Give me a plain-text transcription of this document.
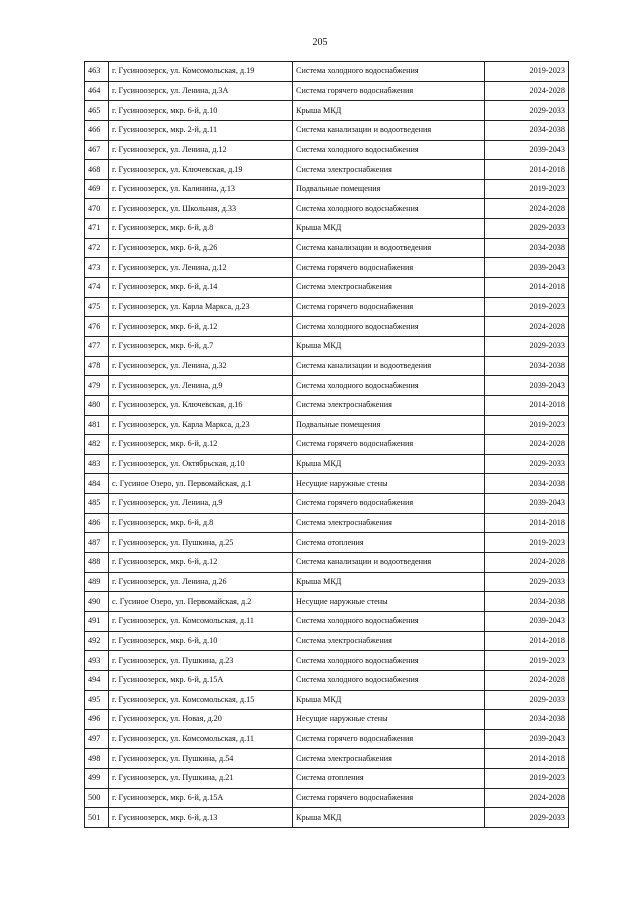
205
463	г. Гусиноозерск, ул. Комсомольская, д.19	Система холодного водоснабжения	2019-2023
464	г. Гусиноозерск, ул. Ленина, д.3А	Система горячего водоснабжения	2024-2028
465	г. Гусиноозерск, мкр. 6-й, д.10	Крыша МКД	2029-2033
466	г. Гусиноозерск, мкр. 2-й, д.11	Система канализации и водоотведения	2034-2038
467	г. Гусиноозерск, ул. Ленина, д.12	Система холодного водоснабжения	2039-2043
468	г. Гусиноозерск, ул. Ключевская, д.19	Система электроснабжения	2014-2018
469	г. Гусиноозерск, ул. Калинина, д.13	Подвальные помещения	2019-2023
470	г. Гусиноозерск, ул. Школьная, д.33	Система холодного водоснабжения	2024-2028
471	г. Гусиноозерск, мкр. 6-й, д.8	Крыша МКД	2029-2033
472	г. Гусиноозерск, мкр. 6-й, д.26	Система канализации и водоотведения	2034-2038
473	г. Гусиноозерск, ул. Ленина, д.12	Система горячего водоснабжения	2039-2043
474	г. Гусиноозерск, мкр. 6-й, д.14	Система электроснабжения	2014-2018
475	г. Гусиноозерск, ул. Карла Маркса, д.23	Система горячего водоснабжения	2019-2023
476	г. Гусиноозерск, мкр. 6-й, д.12	Система холодного водоснабжения	2024-2028
477	г. Гусиноозерск, мкр. 6-й, д.7	Крыша МКД	2029-2033
478	г. Гусиноозерск, ул. Ленина, д.32	Система канализации и водоотведения	2034-2038
479	г. Гусиноозерск, ул. Ленина, д.9	Система холодного водоснабжения	2039-2043
480	г. Гусиноозерск, ул. Ключевская, д.16	Система электроснабжения	2014-2018
481	г. Гусиноозерск, ул. Карла Маркса, д.23	Подвальные помещения	2019-2023
482	г. Гусиноозерск, мкр. 6-й, д.12	Система горячего водоснабжения	2024-2028
483	г. Гусиноозерск, ул. Октябрьская, д.10	Крыша МКД	2029-2033
484	с. Гусиное Озеро, ул. Первомайская, д.1	Несущие наружные стены	2034-2038
485	г. Гусиноозерск, ул. Ленина, д.9	Система горячего водоснабжения	2039-2043
486	г. Гусиноозерск, мкр. 6-й, д.8	Система электроснабжения	2014-2018
487	г. Гусиноозерск, ул. Пушкина, д.25	Система отопления	2019-2023
488	г. Гусиноозерск, мкр. 6-й, д.12	Система канализации и водоотведения	2024-2028
489	г. Гусиноозерск, ул. Ленина, д.26	Крыша МКД	2029-2033
490	с. Гусиное Озеро, ул. Первомайская, д.2	Несущие наружные стены	2034-2038
491	г. Гусиноозерск, ул. Комсомольская, д.11	Система холодного водоснабжения	2039-2043
492	г. Гусиноозерск, мкр. 6-й, д.10	Система электроснабжения	2014-2018
493	г. Гусиноозерск, ул. Пушкина, д.23	Система холодного водоснабжения	2019-2023
494	г. Гусиноозерск, мкр. 6-й, д.15А	Система холодного водоснабжения	2024-2028
495	г. Гусиноозерск, ул. Комсомольская, д.15	Крыша МКД	2029-2033
496	г. Гусиноозерск, ул. Новая, д.20	Несущие наружные стены	2034-2038
497	г. Гусиноозерск, ул. Комсомольская, д.11	Система горячего водоснабжения	2039-2043
498	г. Гусиноозерск, ул. Пушкина, д.54	Система электроснабжения	2014-2018
499	г. Гусиноозерск, ул. Пушкина, д.21	Система отопления	2019-2023
500	г. Гусиноозерск, мкр. 6-й, д.15А	Система горячего водоснабжения	2024-2028
501	г. Гусиноозерск, мкр. 6-й, д.13	Крыша МКД	2029-2033
